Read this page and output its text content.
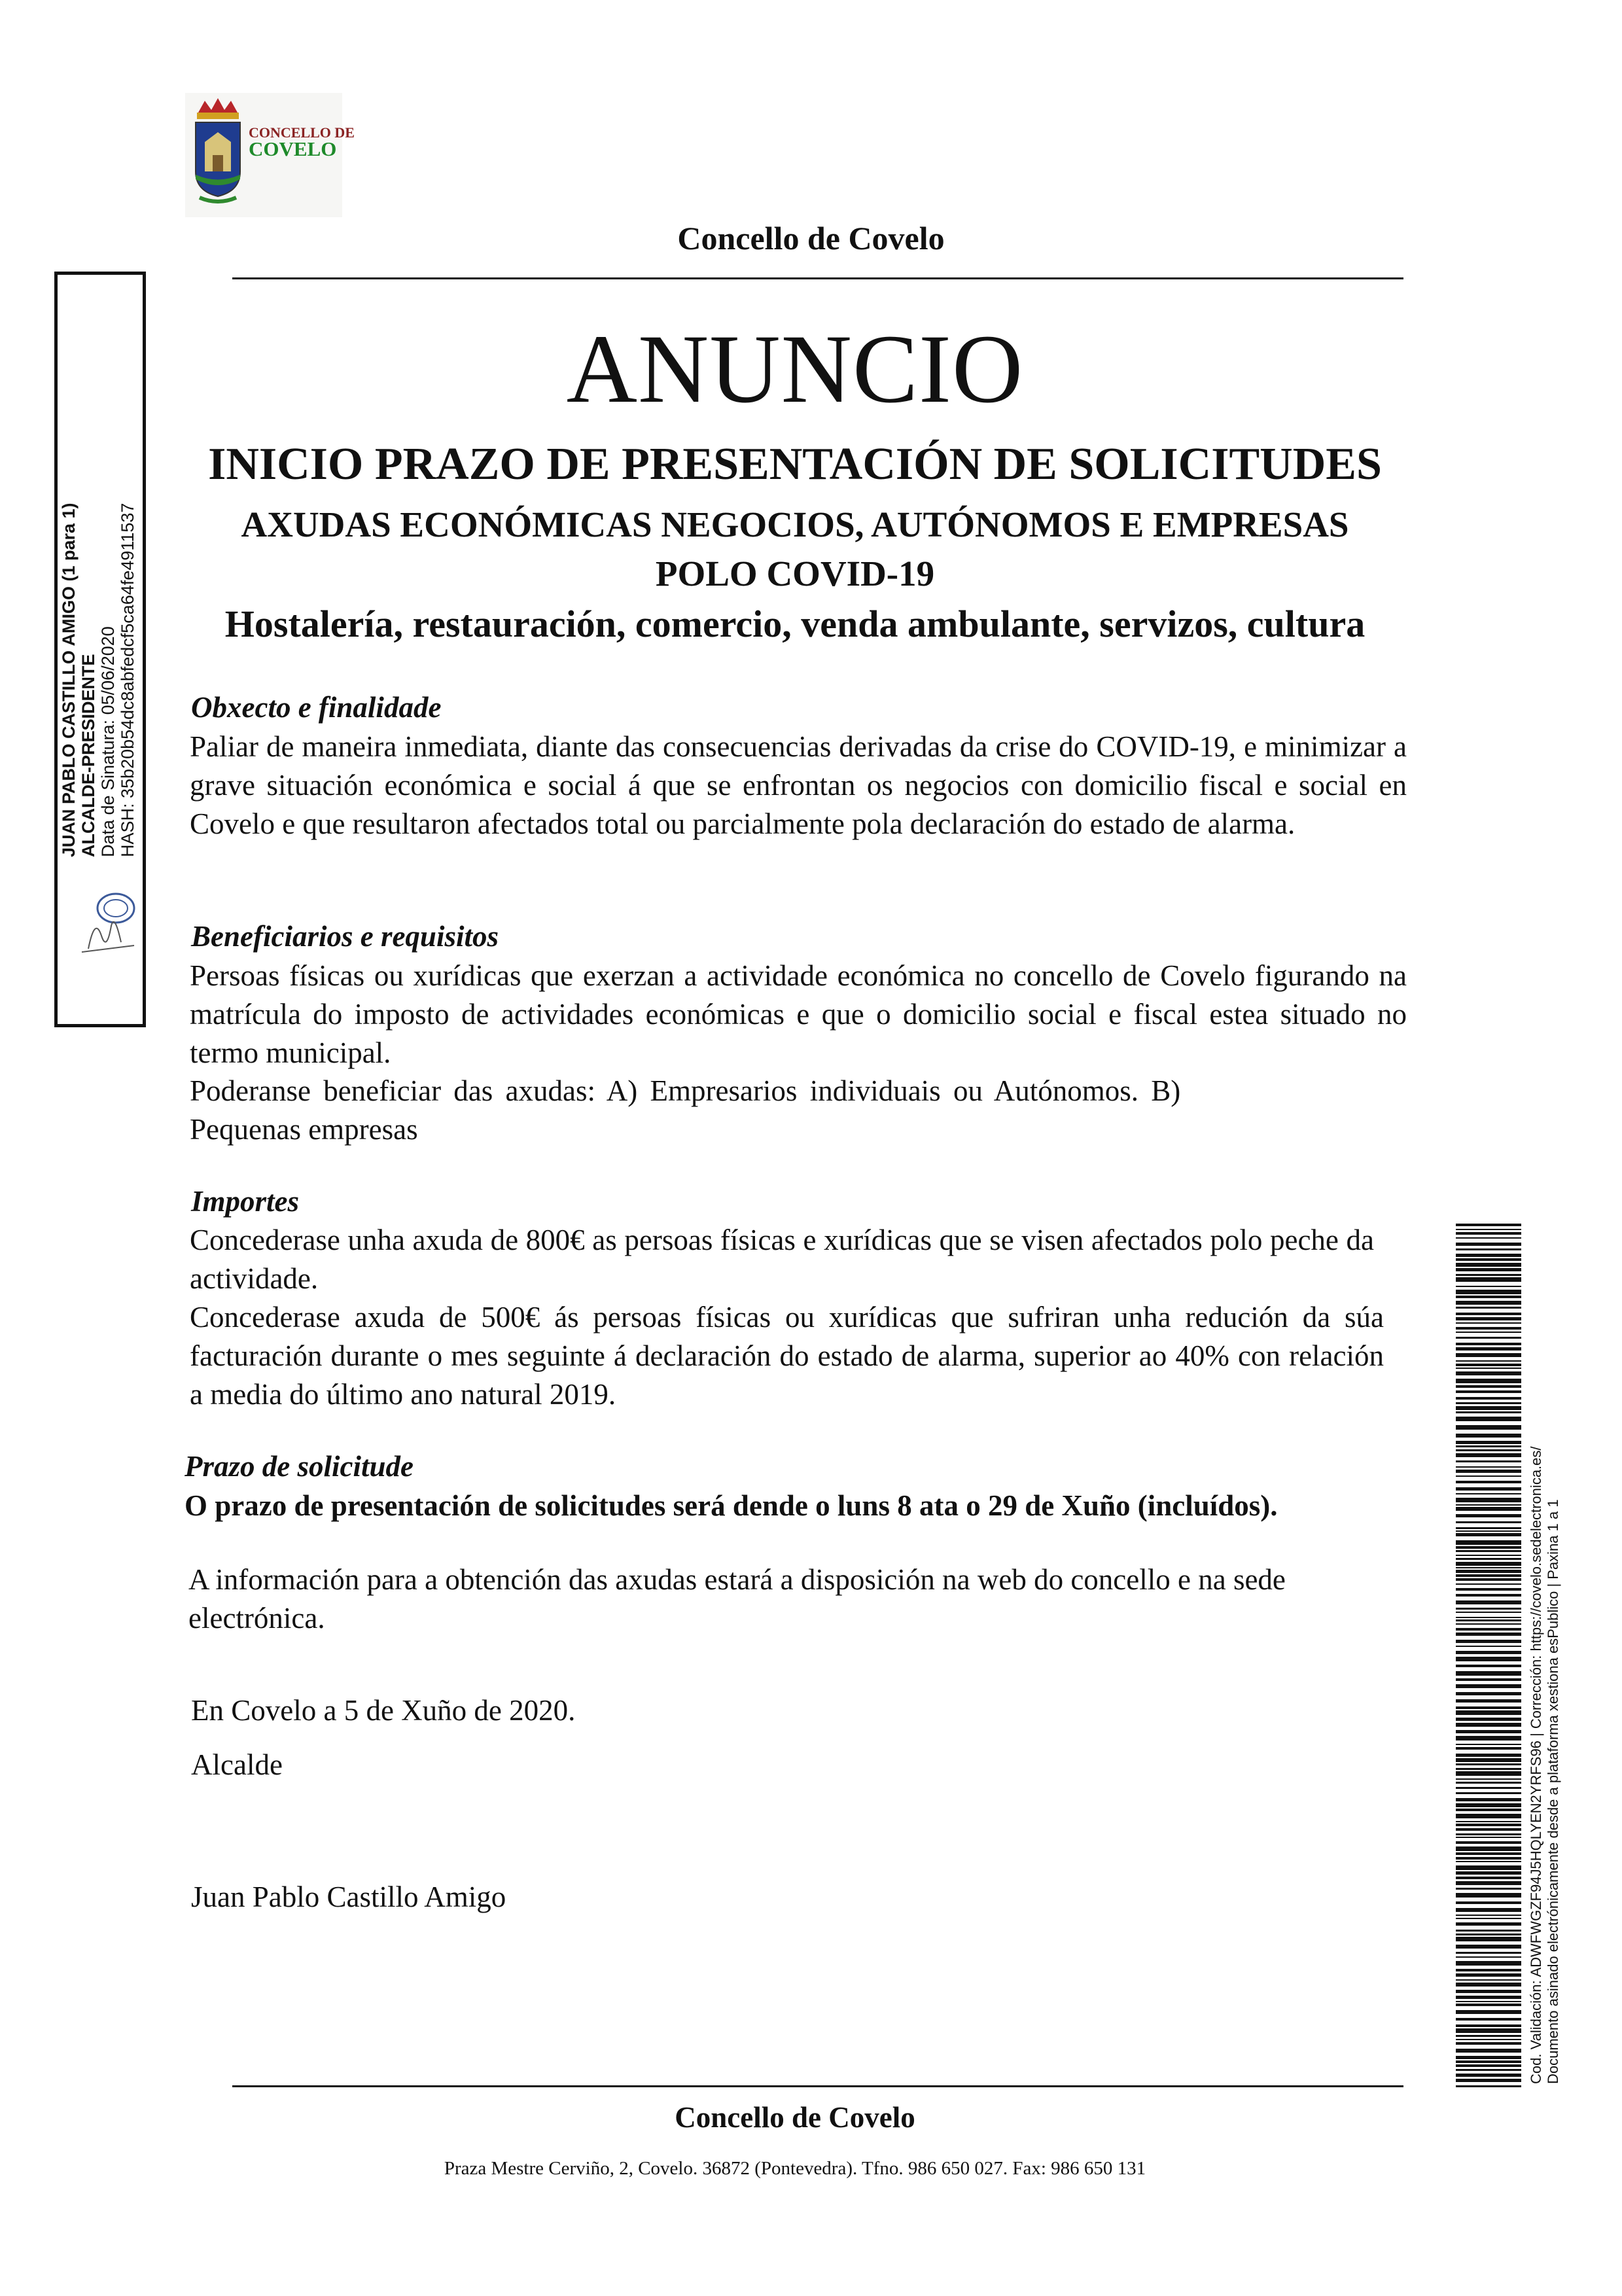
CONCELLO DE
COVELO
Concello de Covelo
ANUNCIO
INICIO PRAZO DE PRESENTACIÓN DE SOLICITUDES
AXUDAS ECONÓMICAS NEGOCIOS, AUTÓNOMOS E EMPRESAS
POLO COVID-19
Hostalería, restauración, comercio, venda ambulante, servizos, cultura
Obxecto e finalidade
Paliar de maneira inmediata, diante das consecuencias derivadas da crise do COVID-19, e minimizar a grave situación económica e social á que se enfrontan os negocios con domicilio fiscal e social en Covelo e que resultaron afectados total ou parcialmente pola declaración do estado de alarma.
Beneficiarios e requisitos
Persoas físicas ou xurídicas que exerzan a actividade económica no concello de Covelo figurando na matrícula do imposto de actividades económicas e que o domicilio social e fiscal estea situado no termo municipal.
Poderanse beneficiar das axudas: A) Empresarios individuais ou Autónomos. B)
Pequenas empresas
Importes
Concederase unha axuda de 800€ as persoas físicas e xurídicas que se visen afectados polo peche da actividade.
Concederase axuda de 500€ ás persoas físicas ou xurídicas que sufriran unha redución da súa facturación durante o mes seguinte á declaración do estado de alarma, superior ao 40% con relación a media do último ano natural 2019.
Prazo de solicitude
O prazo de presentación de solicitudes será dende o luns 8 ata o 29 de Xuño (incluídos).
A información para a obtención das axudas estará a disposición na web do concello e na sede electrónica.
En Covelo a 5 de Xuño de 2020.
Alcalde
Juan Pablo Castillo Amigo
JUAN PABLO CASTILLO AMIGO (1 para 1) ALCALDE-PRESIDENTE Data de Sinatura: 05/06/2020 HASH: 35b20b54dc8abfedcf5ca64fe4911537
Cod. Validación: ADWFWGZF94J5HQLYEN2YRFS96 | Corrección: https://covelo.sedelectronica.es/ Documento asinado electrónicamente desde a plataforma xestiona esPublico | Paxina 1 a 1
Concello de Covelo
Praza Mestre Cerviño, 2, Covelo. 36872 (Pontevedra). Tfno. 986 650 027. Fax: 986 650 131
